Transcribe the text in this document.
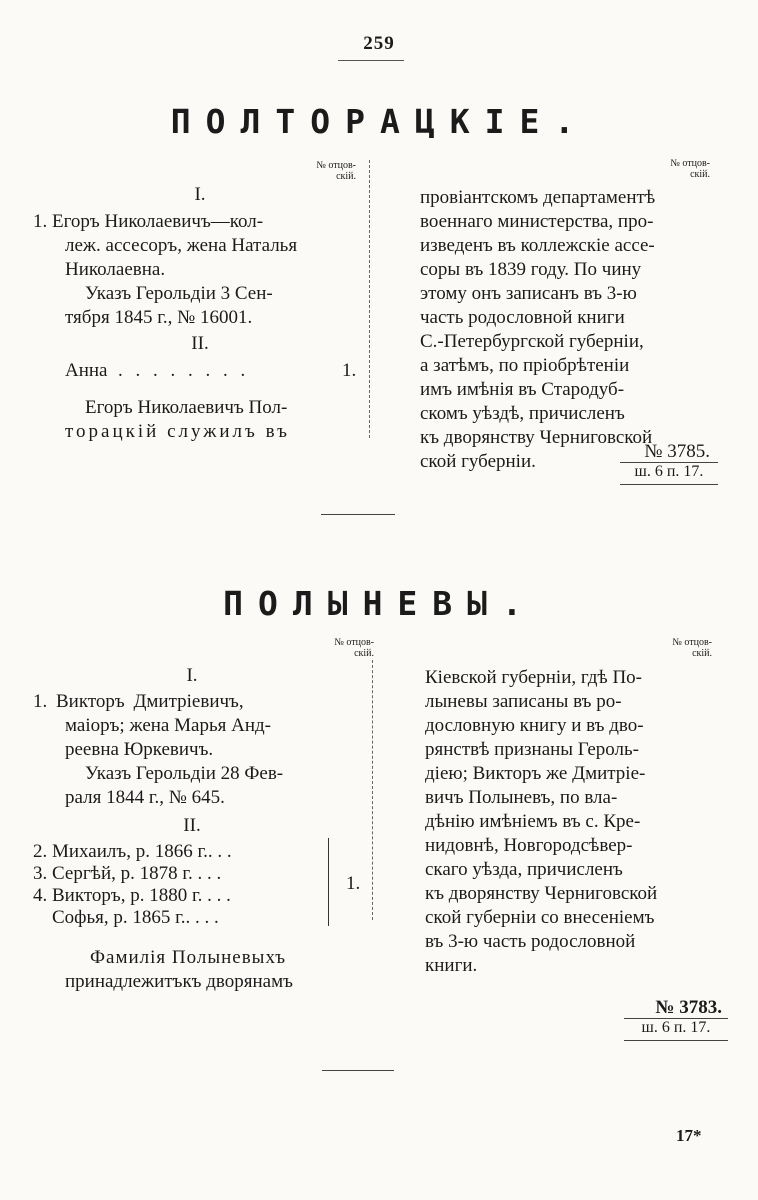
259
ПОЛТОРАЦКІЕ.
№ отцов-
скій.
№ отцов-
скій.
I.
1. Егоръ Николаевичъ—кол-
леж. ассесоръ, жена Наталья
Николаевна.
Указъ Герольдіи 3 Сен-
тября 1845 г., № 16001.
II.
Анна . . . . . . . .	1.
Егоръ Николаевичъ Пол-
торацкій служилъ въ
провіантскомъ департаментѣ
военнаго министерства, про-
изведенъ въ коллежскіе ассе-
соры въ 1839 году. По чину
этому онъ записанъ въ 3-ю
часть родословной книги
С.-Петербургской губерніи,
а затѣмъ, по пріобрѣтеніи
имъ имѣнія въ Стародуб-
скомъ уѣздѣ, причисленъ
къ дворянству Черниговской
ской губерніи.	№ 3785.
ш. 6 п. 17.
ПОЛЫНЕВЫ.
№ отцов-
скій.
№ отцов-
скій.
I.
1. Викторъ Дмитріевичъ,
маіоръ; жена Марья Анд-
реевна Юркевичъ.
Указъ Герольдіи 28 Фев-
раля 1844 г., № 645.
II.
2. Михаилъ, р. 1866 г.. . .
3. Сергѣй, р. 1878 г. . . .
4. Викторъ, р. 1880 г. . . .
Софья, р. 1865 г.. . . .
1.
Фамилія Полыневыхъ
принадлежитъкъ дворянамъ
Кіевской губерніи, гдѣ По-
лыневы записаны въ ро-
дословную книгу и въ дво-
рянствѣ признаны Героль-
діею; Викторъ же Дмитріе-
вичъ Полыневъ, по вла-
дѣнію имѣніемъ въ с. Кре-
нидовнѣ, Новгородсѣвер-
скаго уѣзда, причисленъ
къ дворянству Черниговской
ской губерніи со внесеніемъ
въ 3-ю часть родословной
книги.
№ 3783.
ш. 6 п. 17.
17*
